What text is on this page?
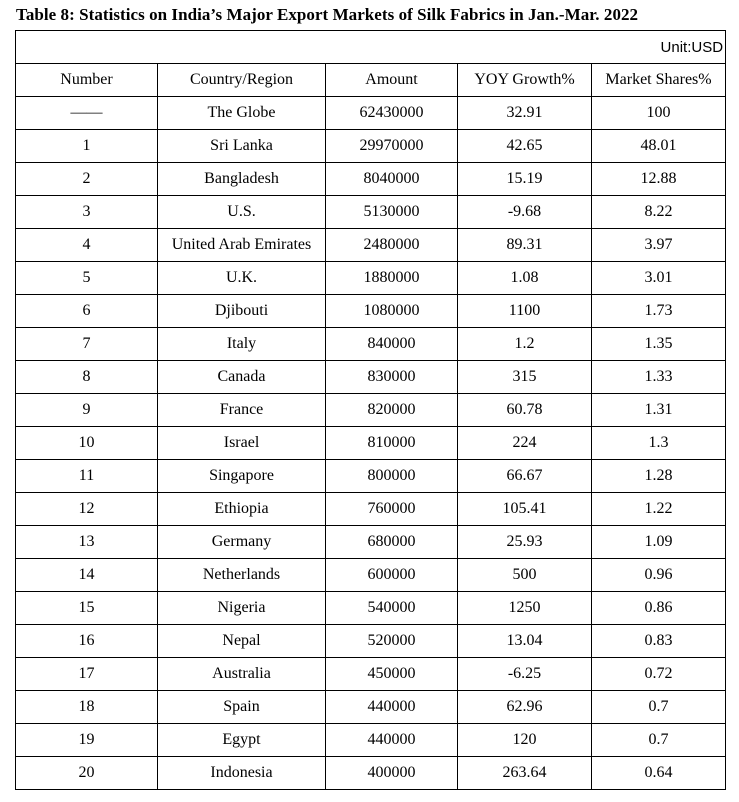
Table 8: Statistics on India’s Major Export Markets of Silk Fabrics in Jan.-Mar. 2022
Unit:USD				
Number	Country/Region	Amount	YOY Growth%	Market Shares%
——	The Globe	62430000	32.91	100
1	Sri Lanka	29970000	42.65	48.01
2	Bangladesh	8040000	15.19	12.88
3	U.S.	5130000	-9.68	8.22
4	United Arab Emirates	2480000	89.31	3.97
5	U.K.	1880000	1.08	3.01
6	Djibouti	1080000	1100	1.73
7	Italy	840000	1.2	1.35
8	Canada	830000	315	1.33
9	France	820000	60.78	1.31
10	Israel	810000	224	1.3
11	Singapore	800000	66.67	1.28
12	Ethiopia	760000	105.41	1.22
13	Germany	680000	25.93	1.09
14	Netherlands	600000	500	0.96
15	Nigeria	540000	1250	0.86
16	Nepal	520000	13.04	0.83
17	Australia	450000	-6.25	0.72
18	Spain	440000	62.96	0.7
19	Egypt	440000	120	0.7
20	Indonesia	400000	263.64	0.64
